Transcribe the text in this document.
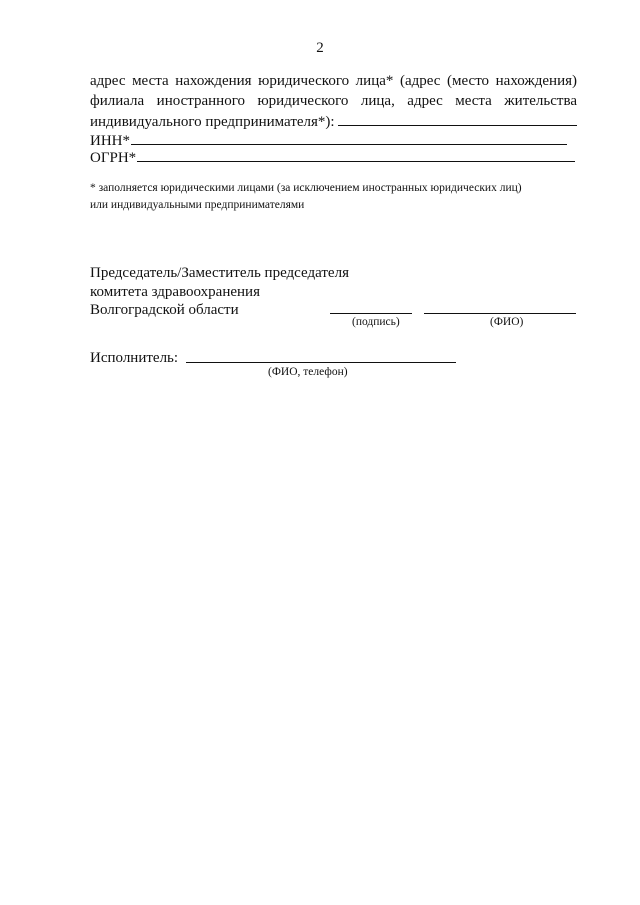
2
адрес места нахождения юридического лица* (адрес (место нахождения)
филиала иностранного юридического лица, адрес места жительства
индивидуального предпринимателя*):
ИНН*
ОГРН*
* заполняется юридическими лицами (за исключением иностранных юридических лиц)
или индивидуальными предпринимателями
Председатель/Заместитель председателя
комитета здравоохранения
Волгоградской области
(подпись)	(ФИО)
Исполнитель:
(ФИО, телефон)
